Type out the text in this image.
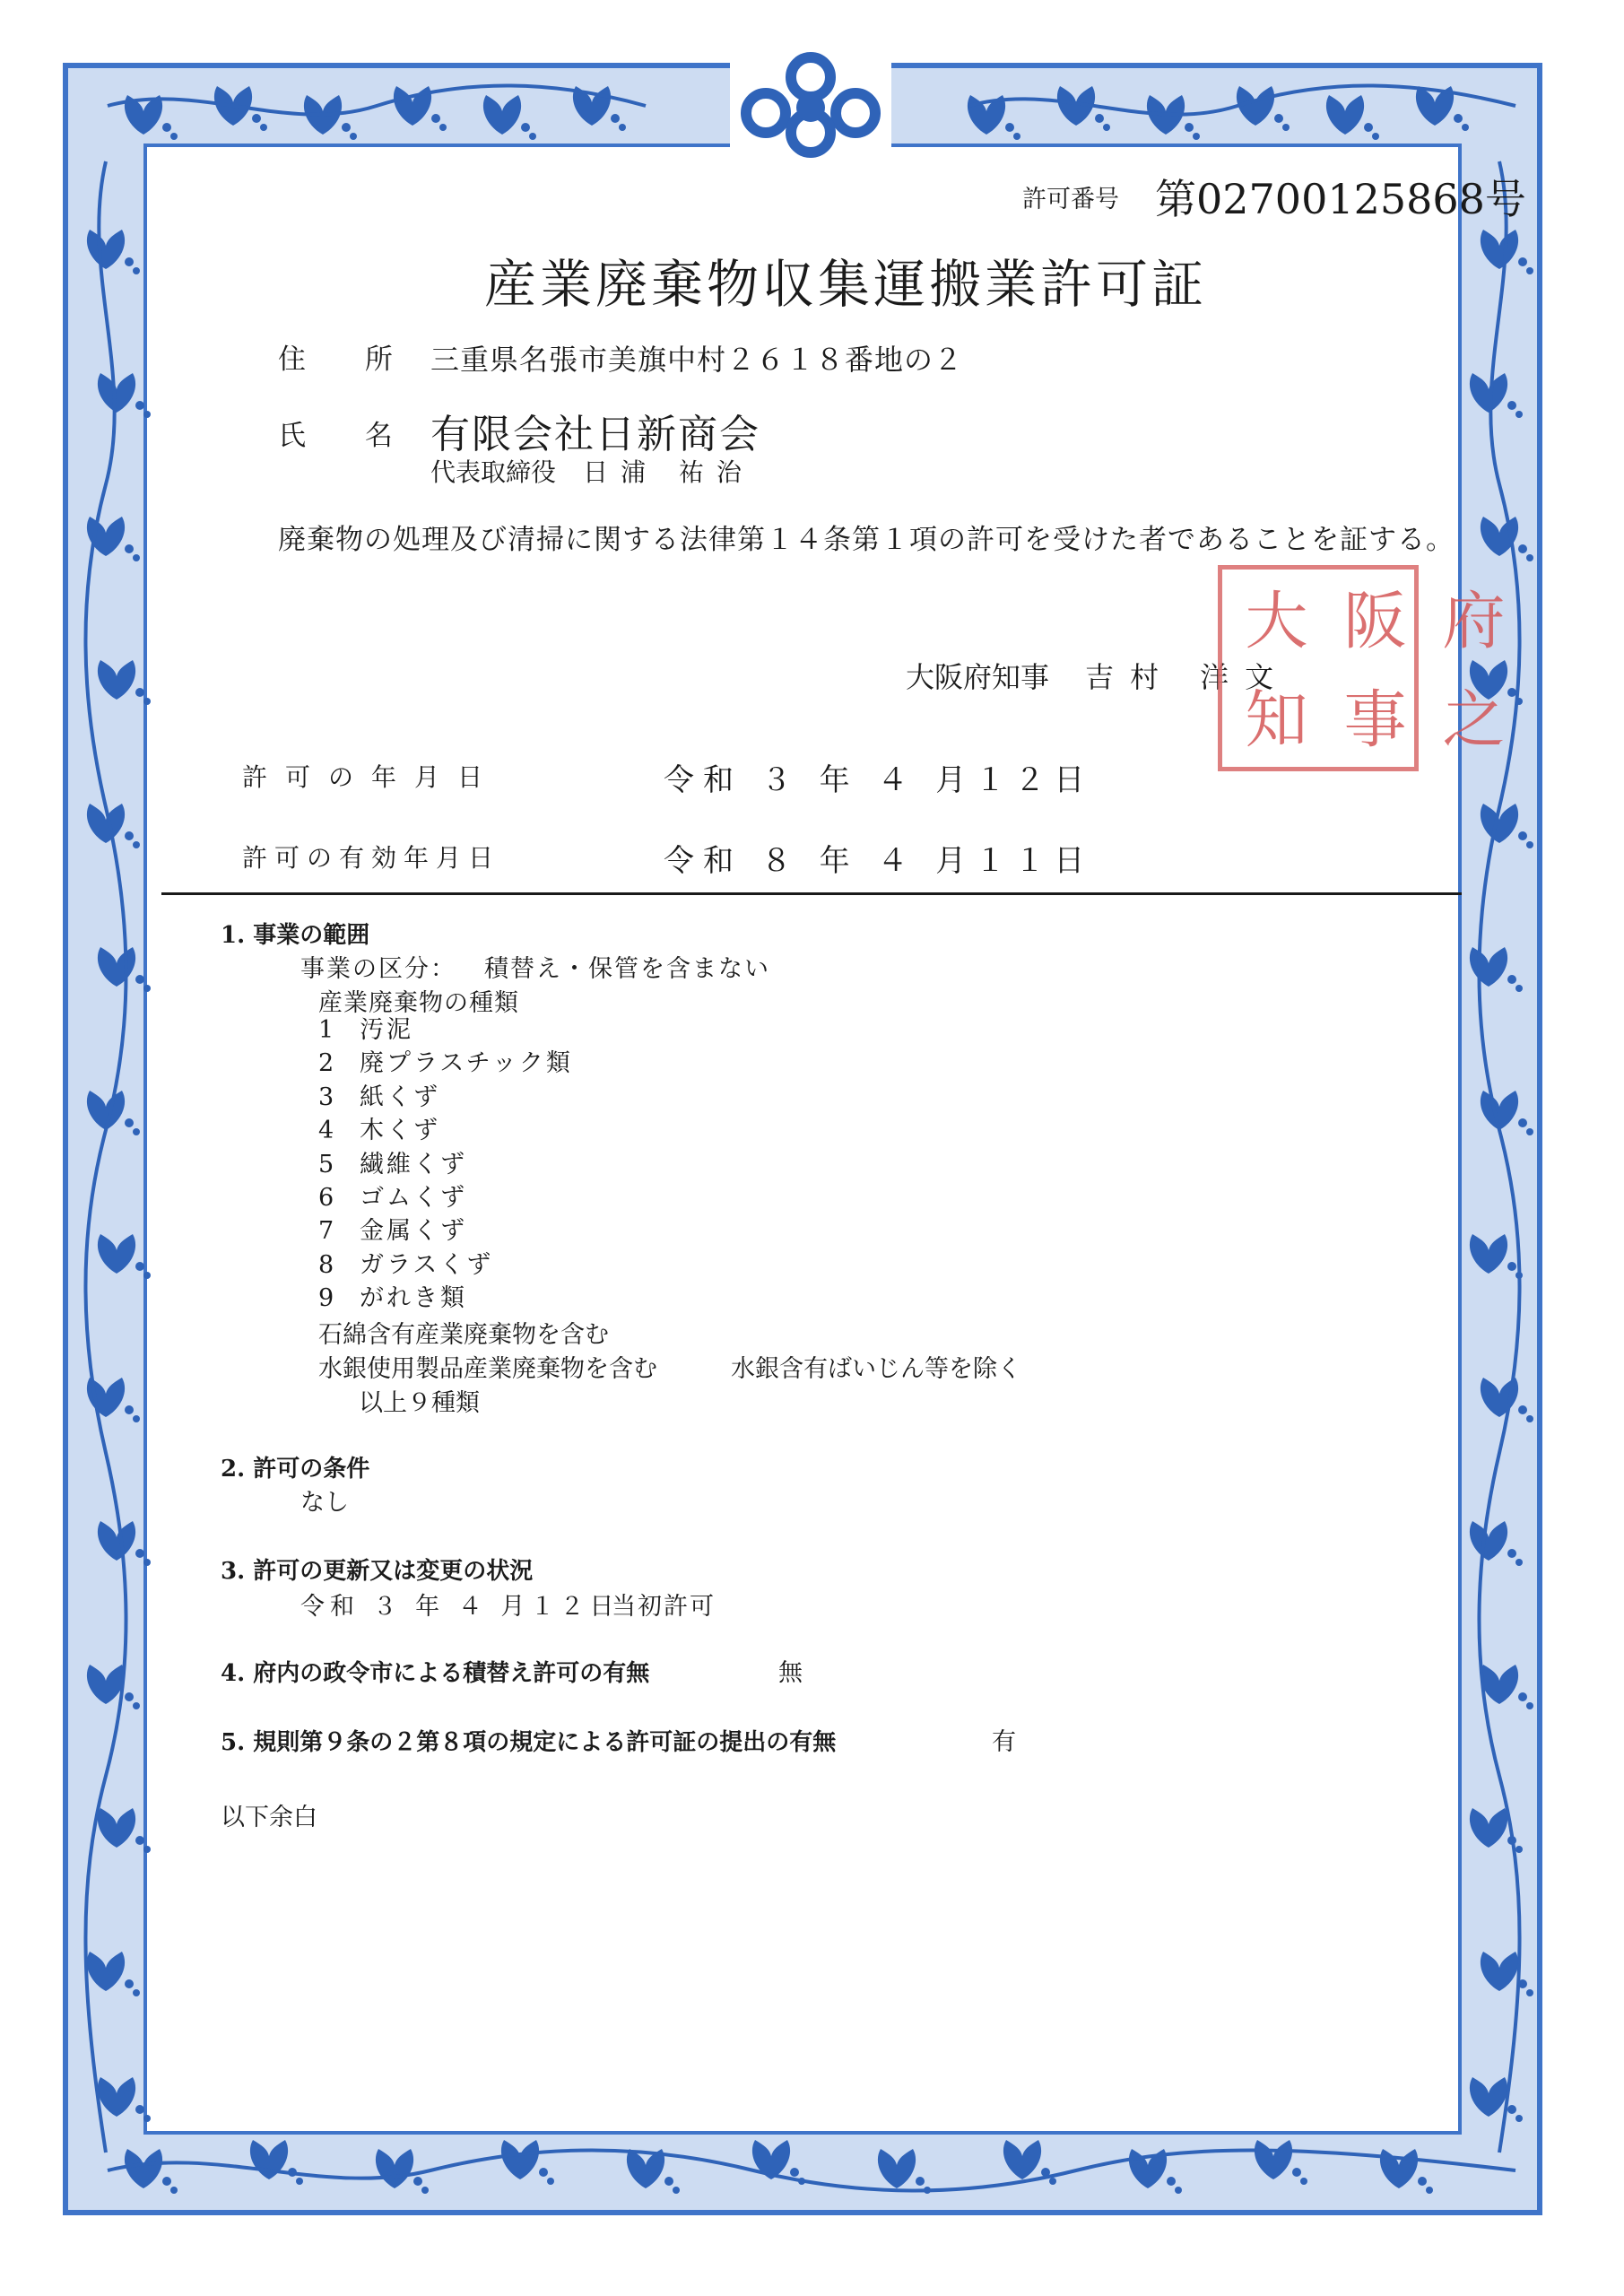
許可番号 第02700125868号
産業廃棄物収集運搬業許可証
住 所 三重県名張市美旗中村２６１８番地の２
氏 名 有限会社日新商会
代表取締役 日浦 祐治
廃棄物の処理及び清掃に関する法律第１４条第１項の許可を受けた者であることを証する。
大阪府知事 吉村 洋文
大 阪 府
知 事 之
許可の年月日	令和 ３ 年 ４ 月１２日
許可の有効年月日	令和 ８ 年 ４ 月１１日
1. 事業の範囲
事業の区分： 積替え・保管を含まない
産業廃棄物の種類
1 汚泥
2 廃プラスチック類
3 紙くず
4 木くず
5 繊維くず
6 ゴムくず
7 金属くず
8 ガラスくず
9 がれき類
石綿含有産業廃棄物を含む
水銀使用製品産業廃棄物を含む	水銀含有ばいじん等を除く
以上９種類
2. 許可の条件
なし
3. 許可の更新又は変更の状況
令和 ３ 年 ４ 月１２日
当初許可
4. 府内の政令市による積替え許可の有無	無
5. 規則第９条の２第８項の規定による許可証の提出の有無	有
以下余白
